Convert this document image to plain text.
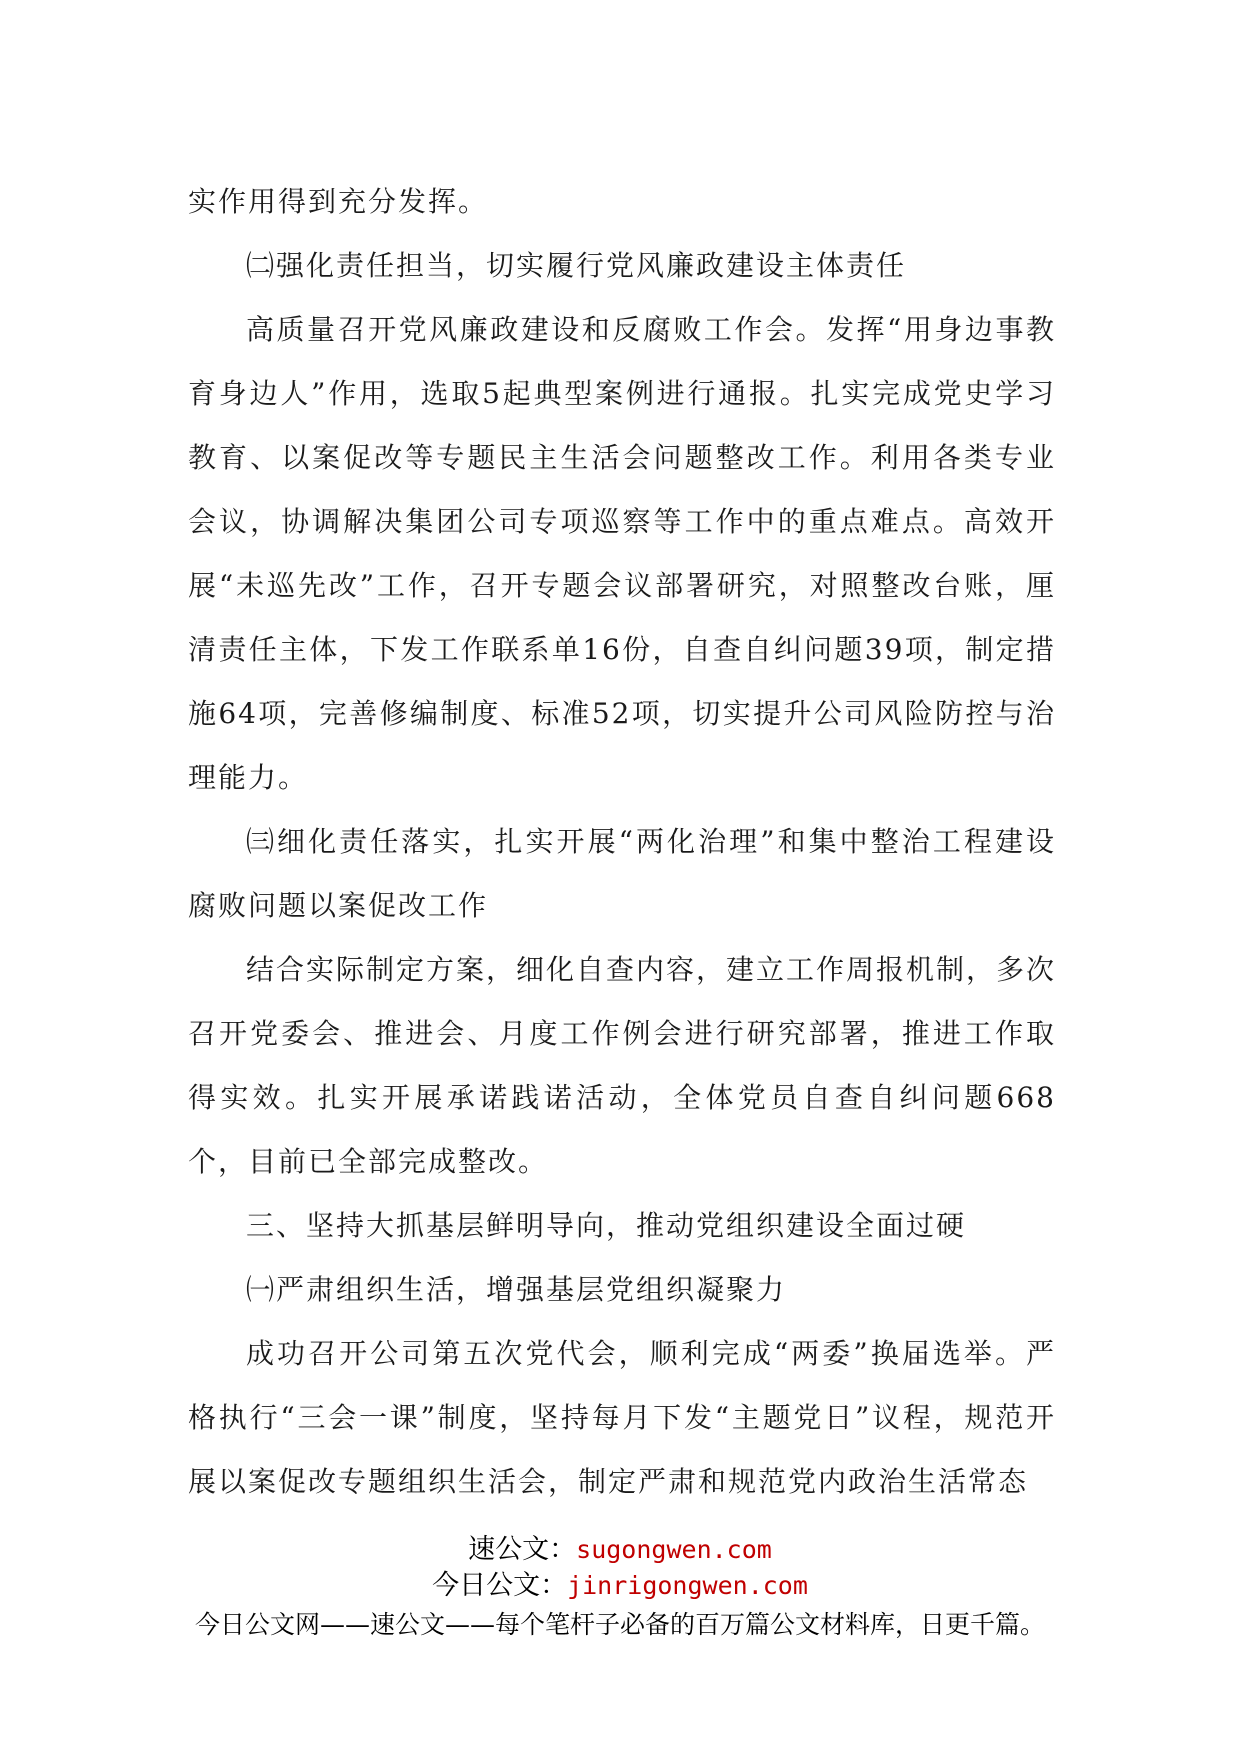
实作用得到充分发挥。

㈡强化责任担当，切实履行党风廉政建设主体责任

高质量召开党风廉政建设和反腐败工作会。发挥“用身边事教育身边人”作用，选取5起典型案例进行通报。扎实完成党史学习教育、以案促改等专题民主生活会问题整改工作。利用各类专业会议，协调解决集团公司专项巡察等工作中的重点难点。高效开展“未巡先改”工作，召开专题会议部署研究，对照整改台账，厘清责任主体，下发工作联系单16份，自查自纠问题39项，制定措施64项，完善修编制度、标准52项，切实提升公司风险防控与治理能力。

㈢细化责任落实，扎实开展“两化治理”和集中整治工程建设腐败问题以案促改工作

结合实际制定方案，细化自查内容，建立工作周报机制，多次召开党委会、推进会、月度工作例会进行研究部署，推进工作取得实效。扎实开展承诺践诺活动，全体党员自查自纠问题668个，目前已全部完成整改。

三、坚持大抓基层鲜明导向，推动党组织建设全面过硬

㈠严肃组织生活，增强基层党组织凝聚力

成功召开公司第五次党代会，顺利完成“两委”换届选举。严格执行“三会一课”制度，坚持每月下发“主题党日”议程，规范开展以案促改专题组织生活会，制定严肃和规范党内政治生活常态

速公文：sugongwen.com
今日公文：jinrigongwen.com
今日公文网——速公文——每个笔杆子必备的百万篇公文材料库，日更千篇。
